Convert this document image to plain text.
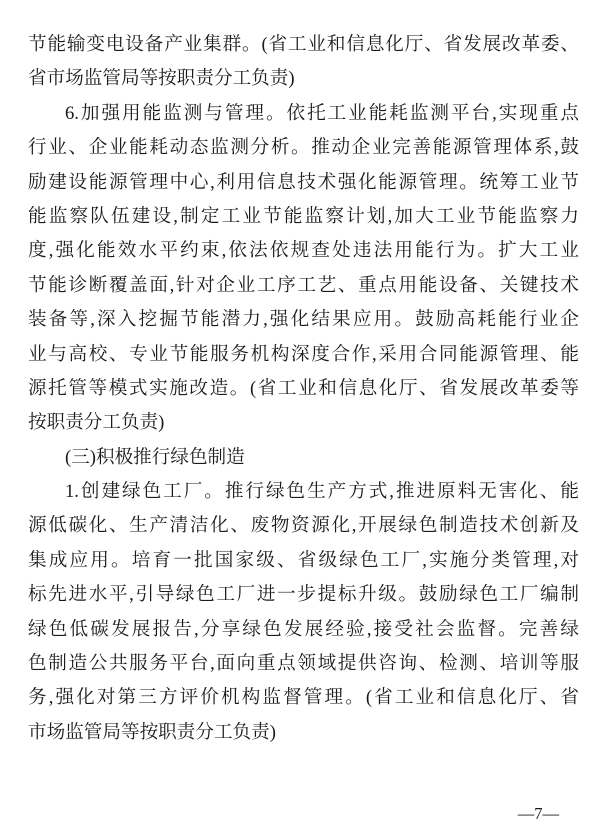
节能输变电设备产业集群。(省工业和信息化厅、省发展改革委、
省市场监管局等按职责分工负责)
6.加强用能监测与管理。依托工业能耗监测平台,实现重点
行业、企业能耗动态监测分析。推动企业完善能源管理体系,鼓
励建设能源管理中心,利用信息技术强化能源管理。统筹工业节
能监察队伍建设,制定工业节能监察计划,加大工业节能监察力
度,强化能效水平约束,依法依规查处违法用能行为。扩大工业
节能诊断覆盖面,针对企业工序工艺、重点用能设备、关键技术
装备等,深入挖掘节能潜力,强化结果应用。鼓励高耗能行业企
业与高校、专业节能服务机构深度合作,采用合同能源管理、能
源托管等模式实施改造。(省工业和信息化厅、省发展改革委等
按职责分工负责)
(三)积极推行绿色制造
1.创建绿色工厂。推行绿色生产方式,推进原料无害化、能
源低碳化、生产清洁化、废物资源化,开展绿色制造技术创新及
集成应用。培育一批国家级、省级绿色工厂,实施分类管理,对
标先进水平,引导绿色工厂进一步提标升级。鼓励绿色工厂编制
绿色低碳发展报告,分享绿色发展经验,接受社会监督。完善绿
色制造公共服务平台,面向重点领域提供咨询、检测、培训等服
务,强化对第三方评价机构监督管理。(省工业和信息化厅、省
市场监管局等按职责分工负责)
—7—
